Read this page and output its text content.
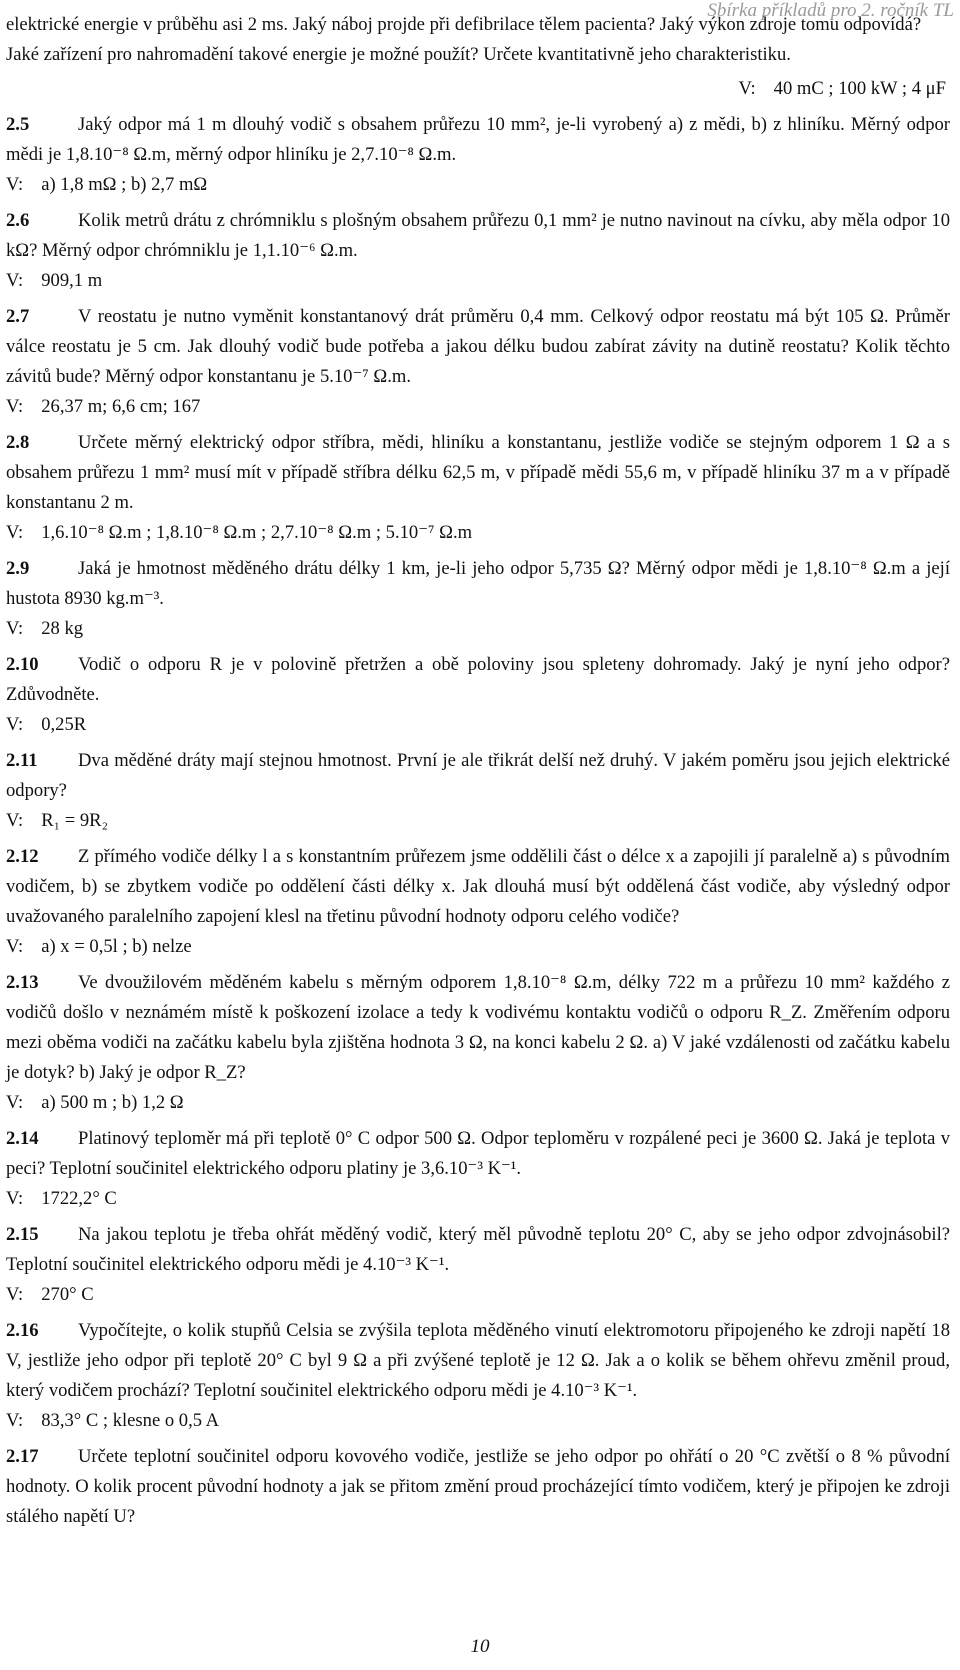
Sbírka příkladů pro 2. ročník TL

elektrické energie v průběhu asi 2 ms. Jaký náboj projde při defibrilace tělem pacienta? Jaký výkon zdroje tomu odpovídá? Jaké zařízení pro nahromadění takové energie je možné použít? Určete kvantitativně jeho charakteristiku.

V: 40 mC ; 100 kW ; 4 μF

2.5	Jaký odpor má 1 m dlouhý vodič s obsahem průřezu 10 mm², je-li vyrobený a) z mědi, b) z hliníku. Měrný odpor mědi je 1,8.10⁻⁸ Ω.m, měrný odpor hliníku je 2,7.10⁻⁸ Ω.m.

V: a) 1,8 mΩ ; b) 2,7 mΩ

2.6	Kolik metrů drátu z chrómniklu s plošným obsahem průřezu 0,1 mm² je nutno navinout na cívku, aby měla odpor 10 kΩ? Měrný odpor chrómniklu je 1,1.10⁻⁶ Ω.m.

V: 909,1 m

2.7	V reostatu je nutno vyměnit konstantanový drát průměru 0,4 mm. Celkový odpor reostatu má být 105 Ω. Průměr válce reostatu je 5 cm. Jak dlouhý vodič bude potřeba a jakou délku budou zabírat závity na dutině reostatu? Kolik těchto závitů bude? Měrný odpor konstantanu je 5.10⁻⁷ Ω.m.

V: 26,37 m; 6,6 cm; 167

2.8	Určete měrný elektrický odpor stříbra, mědi, hliníku a konstantanu, jestliže vodiče se stejným odporem 1 Ω a s obsahem průřezu 1 mm² musí mít v případě stříbra délku 62,5 m, v případě mědi 55,6 m, v případě hliníku 37 m a v případě konstantanu 2 m.

V: 1,6.10⁻⁸ Ω.m ; 1,8.10⁻⁸ Ω.m ; 2,7.10⁻⁸ Ω.m ; 5.10⁻⁷ Ω.m

2.9	Jaká je hmotnost měděného drátu délky 1 km, je-li jeho odpor 5,735 Ω? Měrný odpor mědi je 1,8.10⁻⁸ Ω.m a její hustota 8930 kg.m⁻³.

V: 28 kg

2.10 Vodič o odporu R je v polovině přetržen a obě poloviny jsou spleteny dohromady. Jaký je nyní jeho odpor? Zdůvodněte.

V: 0,25R

2.11 Dva měděné dráty mají stejnou hmotnost. První je ale třikrát delší než druhý. V jakém poměru jsou jejich elektrické odpory?

V: R₁ = 9R₂

2.12 Z přímého vodiče délky l a s konstantním průřezem jsme oddělili část o délce x a zapojili jí paralelně a) s původním vodičem, b) se zbytkem vodiče po oddělení části délky x. Jak dlouhá musí být oddělená část vodiče, aby výsledný odpor uvažovaného paralelního zapojení klesl na třetinu původní hodnoty odporu celého vodiče?

V: a) x = 0,5l ; b) nelze

2.13 Ve dvoužilovém měděném kabelu s měrným odporem 1,8.10⁻⁸ Ω.m, délky 722 m a průřezu 10 mm² každého z vodičů došlo v neznámém místě k poškození izolace a tedy k vodivému kontaktu vodičů o odporu R_Z. Změřením odporu mezi oběma vodiči na začátku kabelu byla zjištěna hodnota 3 Ω, na konci kabelu 2 Ω. a) V jaké vzdálenosti od začátku kabelu je dotyk? b) Jaký je odpor R_Z?

V: a) 500 m ; b) 1,2 Ω

2.14 Platinový teploměr má při teplotě 0° C odpor 500 Ω. Odpor teploměru v rozpálené peci je 3600 Ω. Jaká je teplota v peci? Teplotní součinitel elektrického odporu platiny je 3,6.10⁻³ K⁻¹.

V: 1722,2° C

2.15 Na jakou teplotu je třeba ohřát měděný vodič, který měl původně teplotu 20° C, aby se jeho odpor zdvojnásobil? Teplotní součinitel elektrického odporu mědi je 4.10⁻³ K⁻¹.

V: 270° C

2.16 Vypočítejte, o kolik stupňů Celsia se zvýšila teplota měděného vinutí elektromotoru připojeného ke zdroji napětí 18 V, jestliže jeho odpor při teplotě 20° C byl 9 Ω a při zvýšené teplotě je 12 Ω. Jak a o kolik se během ohřevu změnil proud, který vodičem prochází? Teplotní součinitel elektrického odporu mědi je 4.10⁻³ K⁻¹.

V: 83,3° C ; klesne o 0,5 A

2.17 Určete teplotní součinitel odporu kovového vodiče, jestliže se jeho odpor po ohřátí o 20 °C zvětší o 8 % původní hodnoty. O kolik procent původní hodnoty a jak se přitom změní proud procházející tímto vodičem, který je připojen ke zdroji stálého napětí U?

10
